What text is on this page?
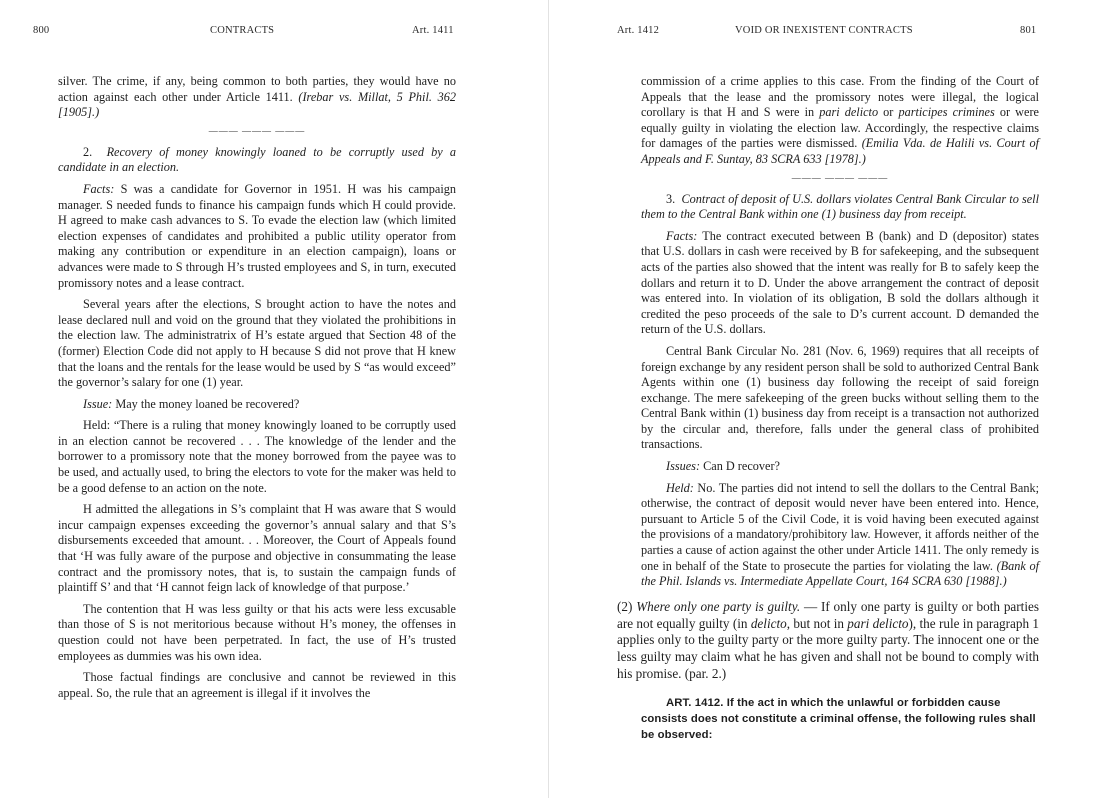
800	CONTRACTS	Art. 1411

silver. The crime, if any, being common to both parties, they would have no action against each other under Article 1411. (Irebar vs. Millat, 5 Phil. 362 [1905].)

——— ——— ———

2. Recovery of money knowingly loaned to be corruptly used by a candidate in an election.

Facts: S was a candidate for Governor in 1951. H was his campaign manager. S needed funds to finance his campaign funds which H could provide. H agreed to make cash advances to S. To evade the election law (which limited election expenses of candidates and prohibited a public utility operator from making any contribution or expenditure in an election campaign), loans or advances were made to S through H’s trusted employees and S, in turn, executed promissory notes and a lease contract.

Several years after the elections, S brought action to have the notes and lease declared null and void on the ground that they violated the prohibitions in the election law. The administratrix of H’s estate argued that Section 48 of the (former) Election Code did not apply to H because S did not prove that H knew that the loans and the rentals for the lease would be used by S “as would exceed” the governor’s salary for one (1) year.

Issue: May the money loaned be recovered?

Held: “There is a ruling that money knowingly loaned to be corruptly used in an election cannot be recovered . . . The knowledge of the lender and the borrower to a promissory note that the money borrowed from the payee was to be used, and actually used, to bring the electors to vote for the maker was held to be a good defense to an action on the note.

H admitted the allegations in S’s complaint that H was aware that S would incur campaign expenses exceeding the governor’s annual salary and that S’s disbursements exceeded that amount. . . Moreover, the Court of Appeals found that ‘H was fully aware of the purpose and objective in consummating the lease contract and the promissory notes, that is, to sustain the campaign funds of plaintiff S’ and that ‘H cannot feign lack of knowledge of that purpose.’

The contention that H was less guilty or that his acts were less excusable than those of S is not meritorious because without H’s money, the offenses in question could not have been perpetrated. In fact, the use of H’s trusted employees as dummies was his own idea.

Those factual findings are conclusive and cannot be reviewed in this appeal. So, the rule that an agreement is illegal if it involves the

Art. 1412	VOID OR INEXISTENT CONTRACTS	801

commission of a crime applies to this case. From the finding of the Court of Appeals that the lease and the promissory notes were illegal, the logical corollary is that H and S were in pari delicto or participes crimines or were equally guilty in violating the election law. Accordingly, the respective claims for damages of the parties were dismissed. (Emilia Vda. de Halili vs. Court of Appeals and F. Suntay, 83 SCRA 633 [1978].)

——— ——— ———

3. Contract of deposit of U.S. dollars violates Central Bank Circular to sell them to the Central Bank within one (1) business day from receipt.

Facts: The contract executed between B (bank) and D (depositor) states that U.S. dollars in cash were received by B for safekeeping, and the subsequent acts of the parties also showed that the intent was really for B to safely keep the dollars and return it to D. Under the above arrangement the contract of deposit was entered into. In violation of its obligation, B sold the dollars although it credited the peso proceeds of the sale to D’s current account. D demanded the return of the U.S. dollars.

Central Bank Circular No. 281 (Nov. 6, 1969) requires that all receipts of foreign exchange by any resident person shall be sold to authorized Central Bank Agents within one (1) business day following the receipt of said foreign exchange. The mere safekeeping of the green bucks without selling them to the Central Bank within (1) business day from receipt is a transaction not authorized by the circular and, therefore, falls under the general class of prohibited transactions.

Issues: Can D recover?

Held: No. The parties did not intend to sell the dollars to the Central Bank; otherwise, the contract of deposit would never have been entered into. Hence, pursuant to Article 5 of the Civil Code, it is void having been executed against the provisions of a mandatory/prohibitory law. However, it affords neither of the parties a cause of action against the other under Article 1411. The only remedy is one in behalf of the State to prosecute the parties for violating the law. (Bank of the Phil. Islands vs. Intermediate Appellate Court, 164 SCRA 630 [1988].)

(2) Where only one party is guilty. — If only one party is guilty or both parties are not equally guilty (in delicto, but not in pari delicto), the rule in paragraph 1 applies only to the guilty party or the more guilty party. The innocent one or the less guilty may claim what he has given and shall not be bound to comply with his promise. (par. 2.)

ART. 1412. If the act in which the unlawful or forbidden cause consists does not constitute a criminal offense, the following rules shall be observed:
